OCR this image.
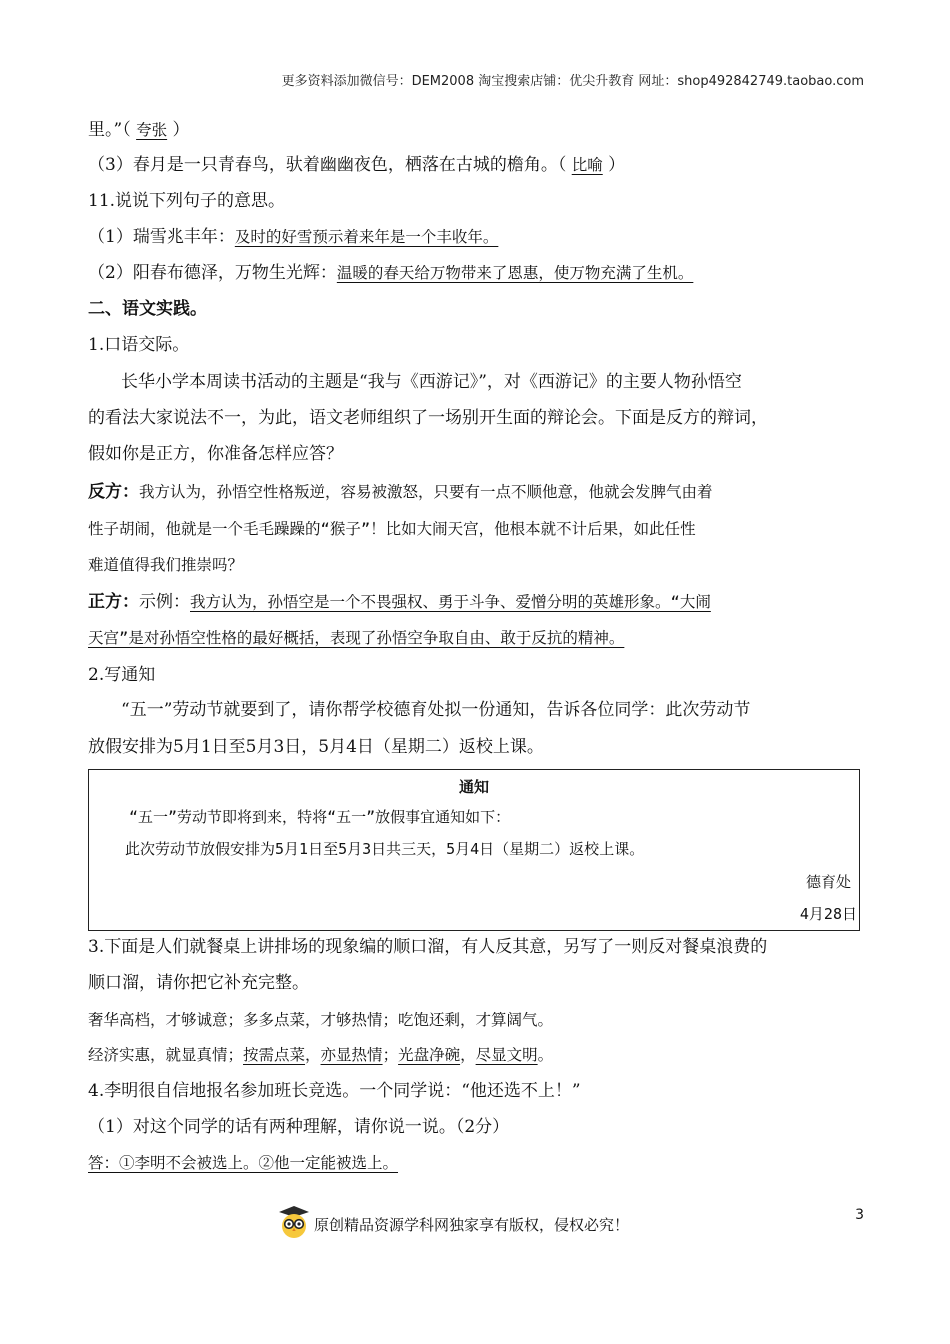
更多资料添加微信号：DEM2008 淘宝搜索店铺：优尖升教育 网址：shop492842749.taobao.com
里。”（ 夸张 ）
（3）春月是一只青春鸟，驮着幽幽夜色，栖落在古城的檐角。（ 比喻 ）
11.说说下列句子的意思。
（1）瑞雪兆丰年：及时的好雪预示着来年是一个丰收年。
（2）阳春布德泽，万物生光辉：温暖的春天给万物带来了恩惠，使万物充满了生机。
二、语文实践。
1.口语交际。
长华小学本周读书活动的主题是“我与《西游记》”，对《西游记》的主要人物孙悟空
的看法大家说法不一，为此，语文老师组织了一场别开生面的辩论会。下面是反方的辩词，
假如你是正方，你准备怎样应答？
反方：我方认为，孙悟空性格叛逆，容易被激怒，只要有一点不顺他意，他就会发脾气由着
性子胡闹，他就是一个毛毛躁躁的“猴子”！比如大闹天宫，他根本就不计后果，如此任性
难道值得我们推崇吗？
正方：示例：我方认为，孙悟空是一个不畏强权、勇于斗争、爱憎分明的英雄形象。“大闹
天宫”是对孙悟空性格的最好概括，表现了孙悟空争取自由、敢于反抗的精神。
2.写通知
“五一”劳动节就要到了，请你帮学校德育处拟一份通知，告诉各位同学：此次劳动节
放假安排为5月1日至5月3日，5月4日（星期二）返校上课。
通知
“五一”劳动节即将到来，特将“五一”放假事宜通知如下：
此次劳动节放假安排为5月1日至5月3日共三天，5月4日（星期二）返校上课。
德育处
4月28日
3.下面是人们就餐桌上讲排场的现象编的顺口溜，有人反其意，另写了一则反对餐桌浪费的
顺口溜，请你把它补充完整。
奢华高档，才够诚意；多多点菜，才够热情；吃饱还剩，才算阔气。
经济实惠，就显真情；按需点菜，亦显热情；光盘净碗，尽显文明。
4.李明很自信地报名参加班长竞选。一个同学说：“他还选不上！”
（1）对这个同学的话有两种理解，请你说一说。（2分）
答：①李明不会被选上。②他一定能被选上。
原创精品资源学科网独家享有版权，侵权必究！
3
